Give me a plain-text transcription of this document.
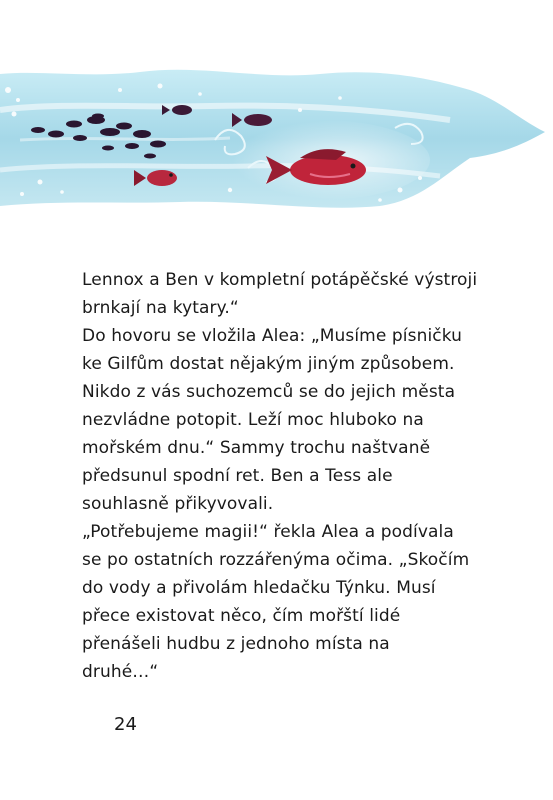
Lennox a Ben v kompletní potápěčské výstroji
brnkají na kytary.“
Do hovoru se vložila Alea: „Musíme písničku
ke Gilfům dostat nějakým jiným způsobem.
Nikdo z vás suchozemců se do jejich města
nezvládne potopit. Leží moc hluboko na
mořském dnu.“ Sammy trochu naštvaně
předsunul spodní ret. Ben a Tess ale
souhlasně přikyvovali.
„Potřebujeme magii!“ řekla Alea a podívala
se po ostatních rozzářenýma očima. „Skočím
do vody a přivolám hledačku Týnku. Musí
přece existovat něco, čím mořští lidé
přenášeli hudbu z jednoho místa na
druhé…“
24
